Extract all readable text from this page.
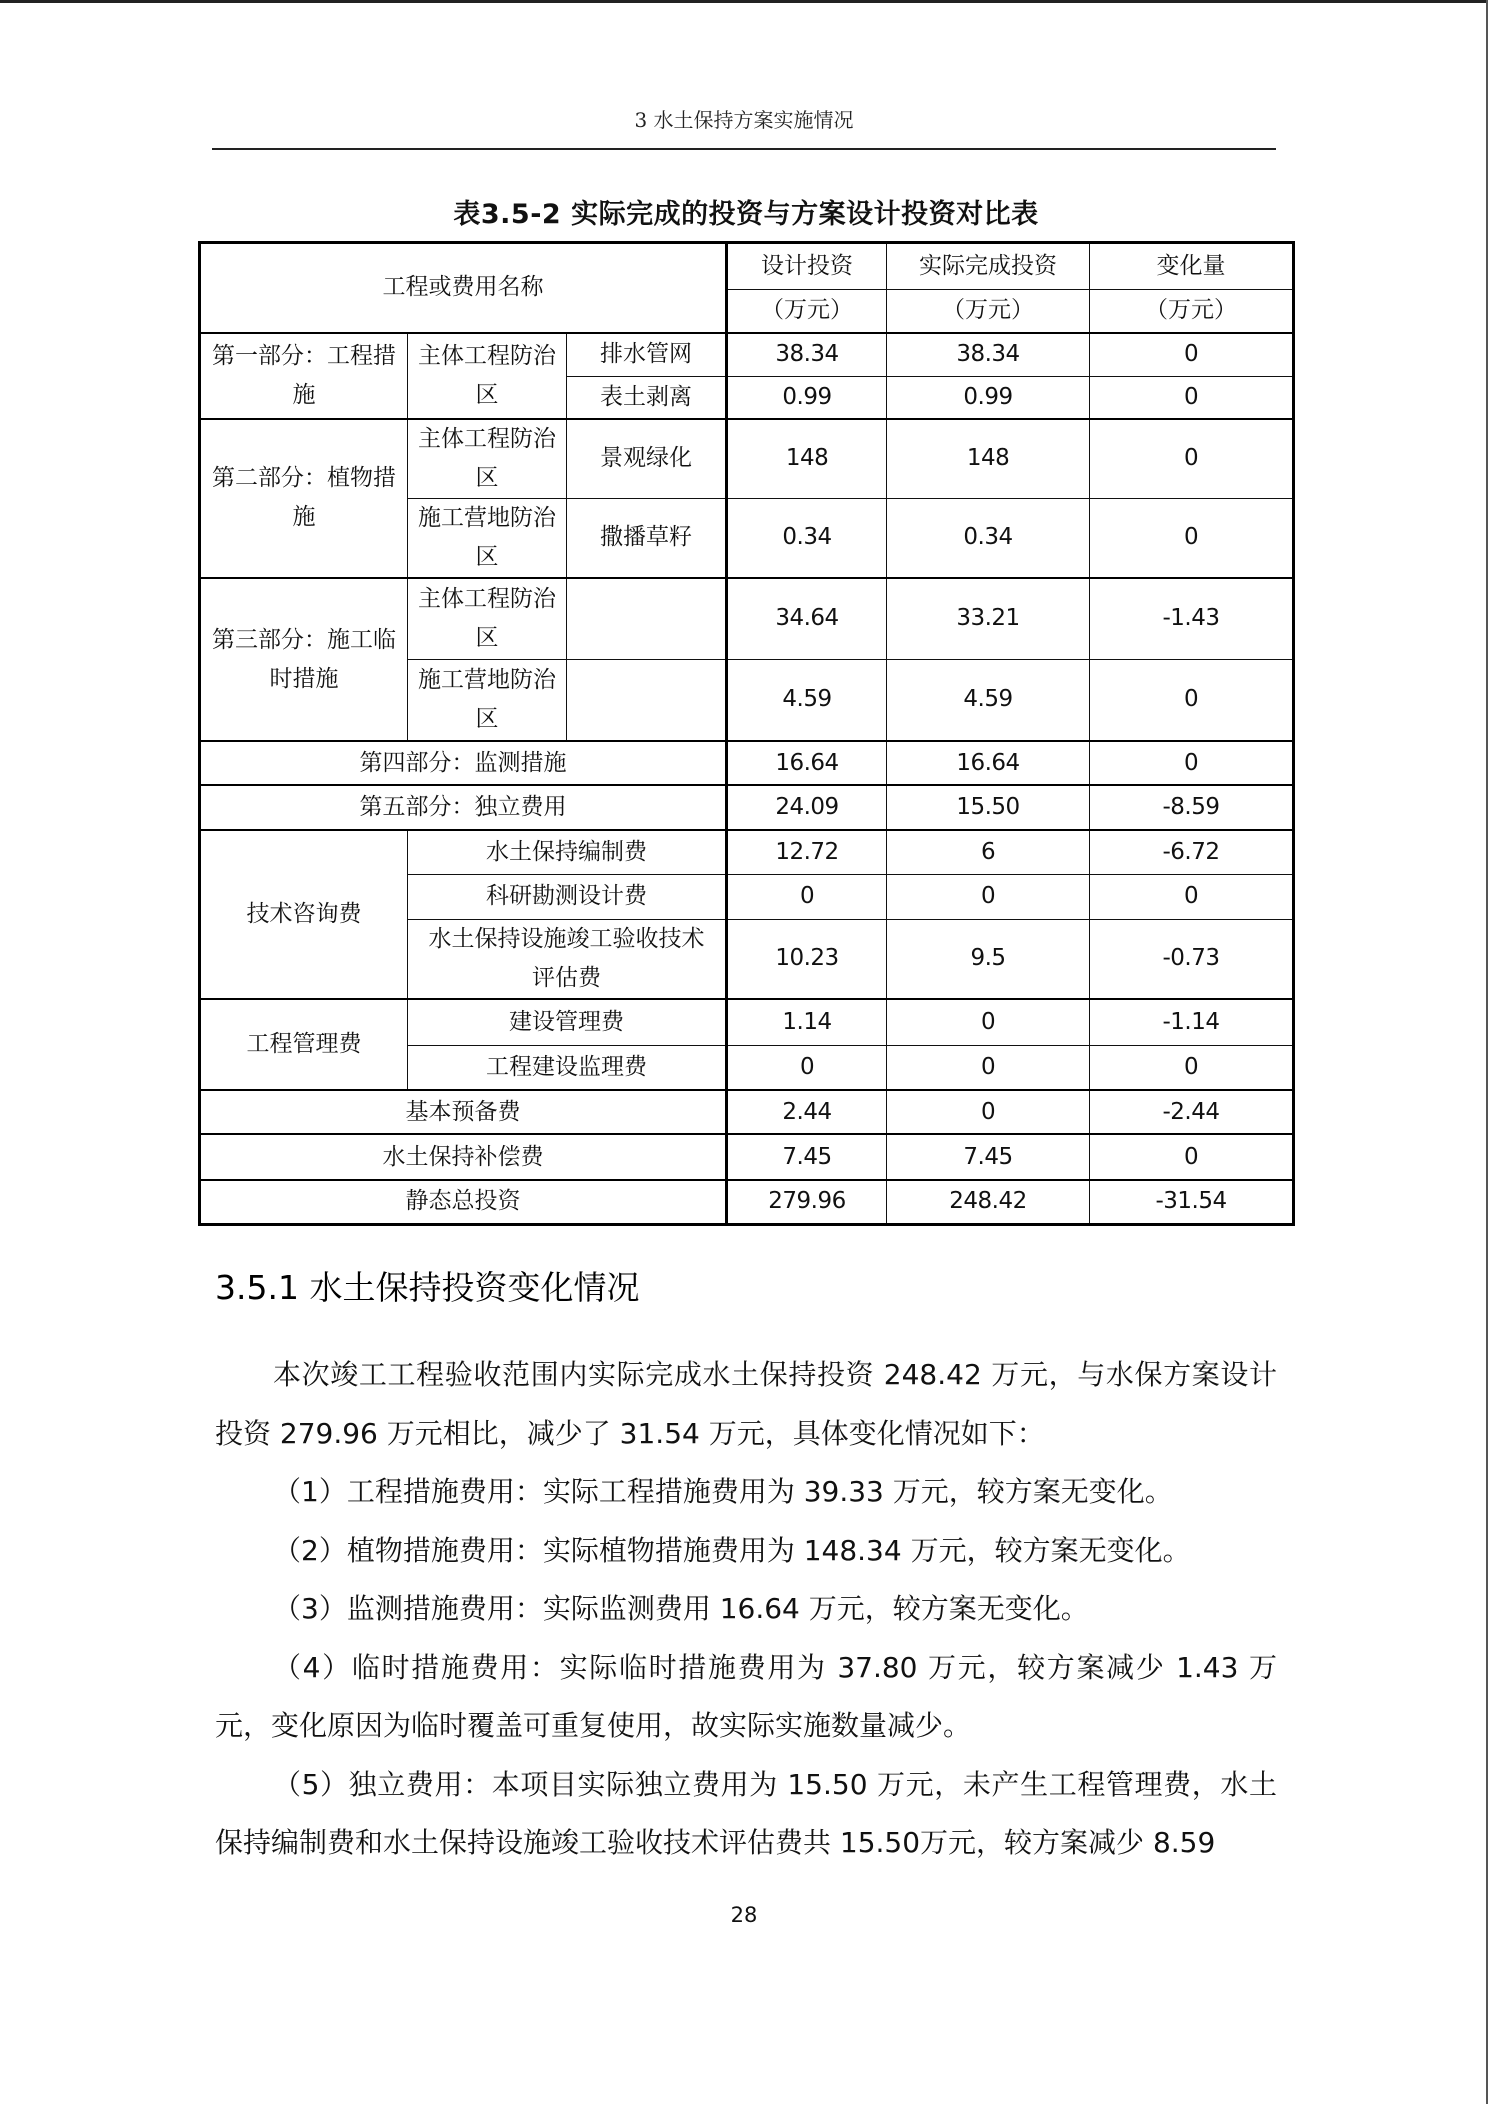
3 水土保持方案实施情况
表3.5-2 实际完成的投资与方案设计投资对比表
工程或费用名称			设计投资	实际完成投资	变化量
			（万元）	（万元）	（万元）
第一部分：工程措施	主体工程防治区	排水管网	38.34	38.34	0
		表土剥离	0.99	0.99	0
第二部分：植物措施	主体工程防治区	景观绿化	148	148	0
	施工营地防治区	撒播草籽	0.34	0.34	0
第三部分：施工临时措施	主体工程防治区		34.64	33.21	-1.43
	施工营地防治区		4.59	4.59	0
第四部分：监测措施			16.64	16.64	0
第五部分：独立费用			24.09	15.50	-8.59
技术咨询费	水土保持编制费		12.72	6	-6.72
	科研勘测设计费		0	0	0
	水土保持设施竣工验收技术评估费		10.23	9.5	-0.73
工程管理费	建设管理费		1.14	0	-1.14
	工程建设监理费		0	0	0
基本预备费			2.44	0	-2.44
水土保持补偿费			7.45	7.45	0
静态总投资			279.96	248.42	-31.54
3.5.1 水土保持投资变化情况

本次竣工工程验收范围内实际完成水土保持投资 248.42 万元，与水保方案设计投资 279.96 万元相比，减少了 31.54 万元，具体变化情况如下：

（1）工程措施费用：实际工程措施费用为 39.33 万元，较方案无变化。

（2）植物措施费用：实际植物措施费用为 148.34 万元，较方案无变化。

（3）监测措施费用：实际监测费用 16.64 万元，较方案无变化。

（4）临时措施费用：实际临时措施费用为 37.80 万元，较方案减少 1.43 万元，变化原因为临时覆盖可重复使用，故实际实施数量减少。

（5）独立费用：本项目实际独立费用为 15.50 万元，未产生工程管理费，水土保持编制费和水土保持设施竣工验收技术评估费共 15.50万元，较方案减少 8.59

28
